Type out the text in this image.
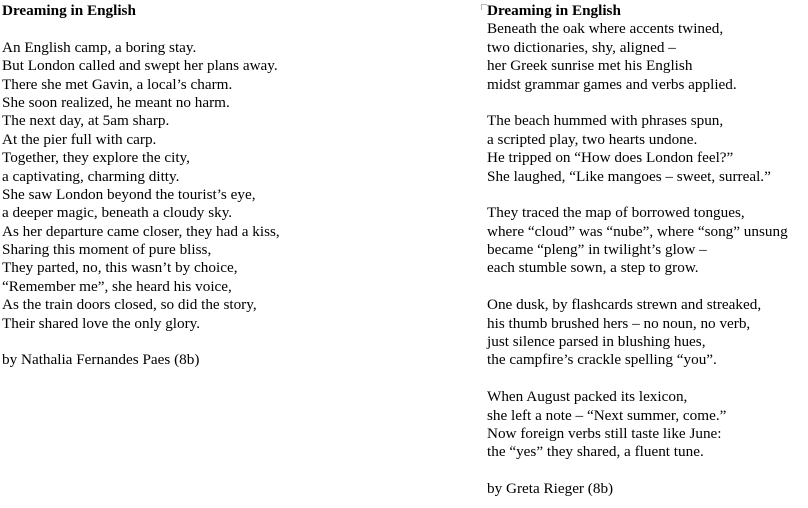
Dreaming in English
An English camp, a boring stay.
But London called and swept her plans away.
There she met Gavin, a local’s charm.
She soon realized, he meant no harm.
The next day, at 5am sharp.
At the pier full with carp.
Together, they explore the city,
a captivating, charming ditty.
She saw London beyond the tourist’s eye,
a deeper magic, beneath a cloudy sky.
As her departure came closer, they had a kiss,
Sharing this moment of pure bliss,
They parted, no, this wasn’t by choice,
“Remember me”, she heard his voice,
As the train doors closed, so did the story,
Their shared love the only glory.
by Nathalia Fernandes Paes (8b)
Dreaming in English
Beneath the oak where accents twined,
two dictionaries, shy, aligned –
her Greek sunrise met his English
midst grammar games and verbs applied.
The beach hummed with phrases spun,
a scripted play, two hearts undone.
He tripped on “How does London feel?”
She laughed, “Like mangoes – sweet, surreal.”
They traced the map of borrowed tongues,
where “cloud” was “nube”, where “song” unsung
became “pleng” in twilight’s glow –
each stumble sown, a step to grow.
One dusk, by flashcards strewn and streaked,
his thumb brushed hers – no noun, no verb,
just silence parsed in blushing hues,
the campfire’s crackle spelling “you”.
When August packed its lexicon,
she left a note – “Next summer, come.”
Now foreign verbs still taste like June:
the “yes” they shared, a fluent tune.
by Greta Rieger (8b)
